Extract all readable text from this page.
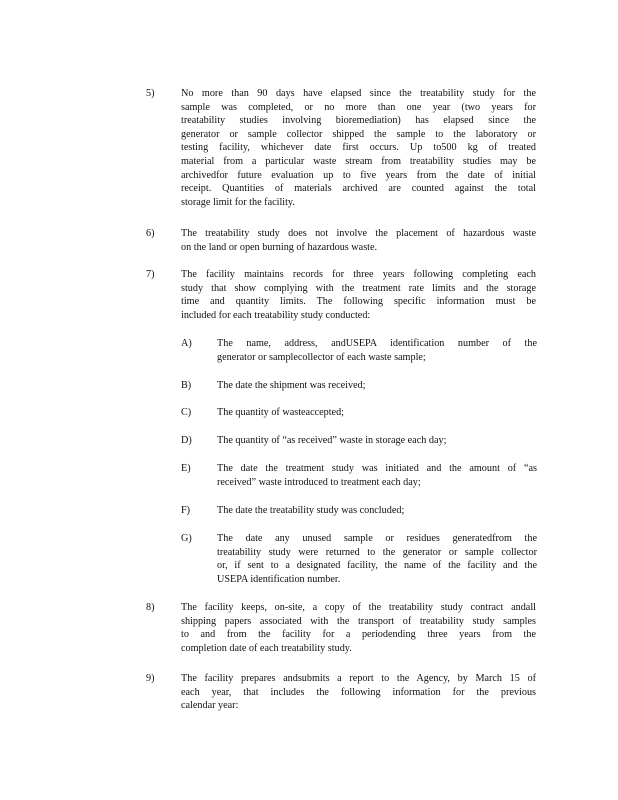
5)	No more than 90 days have elapsed since the treatability study for the
sample was completed, or no more than one year (two years for
treatability studies involving bioremediation) has elapsed since the
generator or sample collector shipped the sample to the laboratory or
testing facility, whichever date first occurs. Up to500 kg of treated
material from a particular waste stream from treatability studies may be
archivedfor future evaluation up to five years from the date of initial
receipt. Quantities of materials archived are counted against the total
storage limit for the facility.
6)	The treatability study does not involve the placement of hazardous waste
on the land or open burning of hazardous waste.
7)	The facility maintains records for three years following completing each
study that show complying with the treatment rate limits and the storage
time and quantity limits. The following specific information must be
included for each treatability study conducted:
A)	The name, address, andUSEPA identification number of the
generator or samplecollector of each waste sample;
B)	The date the shipment was received;
C)	The quantity of wasteaccepted;
D)	The quantity of “as received” waste in storage each day;
E)	The date the treatment study was initiated and the amount of “as
received” waste introduced to treatment each day;
F)	The date the treatability study was concluded;
G)	The date any unused sample or residues generatedfrom the
treatability study were returned to the generator or sample collector
or, if sent to a designated facility, the name of the facility and the
USEPA identification number.
8)	The facility keeps, on-site, a copy of the treatability study contract andall
shipping papers associated with the transport of treatability study samples
to and from the facility for a periodending three years from the
completion date of each treatability study.
9)	The facility prepares andsubmits a report to the Agency, by March 15 of
each year, that includes the following information for the previous
calendar year:
